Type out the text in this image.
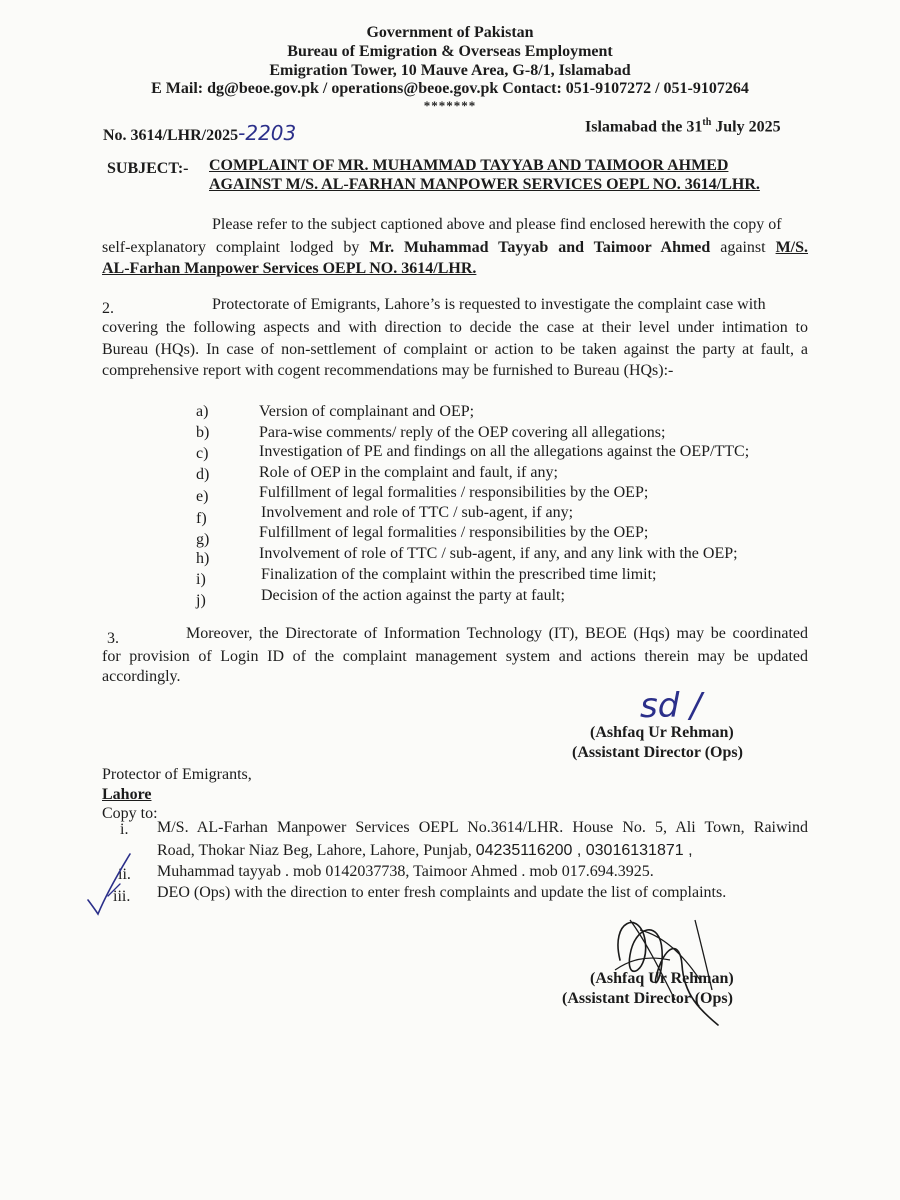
Government of Pakistan
Bureau of Emigration & Overseas Employment
Emigration Tower, 10 Mauve Area, G-8/1, Islamabad
E Mail: dg@beoe.gov.pk / operations@beoe.gov.pk Contact: 051-9107272 / 051-9107264
*******
No. 3614/LHR/2025-2203	Islamabad the 31th July 2025
SUBJECT:- COMPLAINT OF MR. MUHAMMAD TAYYAB AND TAIMOOR AHMED
AGAINST M/S. AL-FARHAN MANPOWER SERVICES OEPL NO. 3614/LHR.
Please refer to the subject captioned above and please find enclosed herewith the copy of
self-explanatory complaint lodged by Mr. Muhammad Tayyab and Taimoor Ahmed against M/S.
AL-Farhan Manpower Services OEPL NO. 3614/LHR.
2.	Protectorate of Emigrants, Lahore’s is requested to investigate the complaint case with
covering the following aspects and with direction to decide the case at their level under intimation to
Bureau (HQs). In case of non-settlement of complaint or action to be taken against the party at fault, a
comprehensive report with cogent recommendations may be furnished to Bureau (HQs):-
a)	Version of complainant and OEP;
b)	Para-wise comments/ reply of the OEP covering all allegations;
c)	Investigation of PE and findings on all the allegations against the OEP/TTC;
d)	Role of OEP in the complaint and fault, if any;
e)	Fulfillment of legal formalities / responsibilities by the OEP;
f)	Involvement and role of TTC / sub-agent, if any;
g)	Fulfillment of legal formalities / responsibilities by the OEP;
h)	Involvement of role of TTC / sub-agent, if any, and any link with the OEP;
i)	Finalization of the complaint within the prescribed time limit;
j)	Decision of the action against the party at fault;
3.	Moreover, the Directorate of Information Technology (IT), BEOE (Hqs) may be coordinated
for provision of Login ID of the complaint management system and actions therein may be updated
accordingly.
sd /
(Ashfaq Ur Rehman)
(Assistant Director (Ops)
Protector of Emigrants,
Lahore
Copy to:
i. M/S. AL-Farhan Manpower Services OEPL No.3614/LHR. House No. 5, Ali Town, Raiwind
Road, Thokar Niaz Beg, Lahore, Lahore, Punjab, 04235116200 , 03016131871 ,
ii. Muhammad tayyab . mob 0142037738, Taimoor Ahmed . mob 017.694.3925.
iii. DEO (Ops) with the direction to enter fresh complaints and update the list of complaints.
(Ashfaq Ur Rehman)
(Assistant Director (Ops)
